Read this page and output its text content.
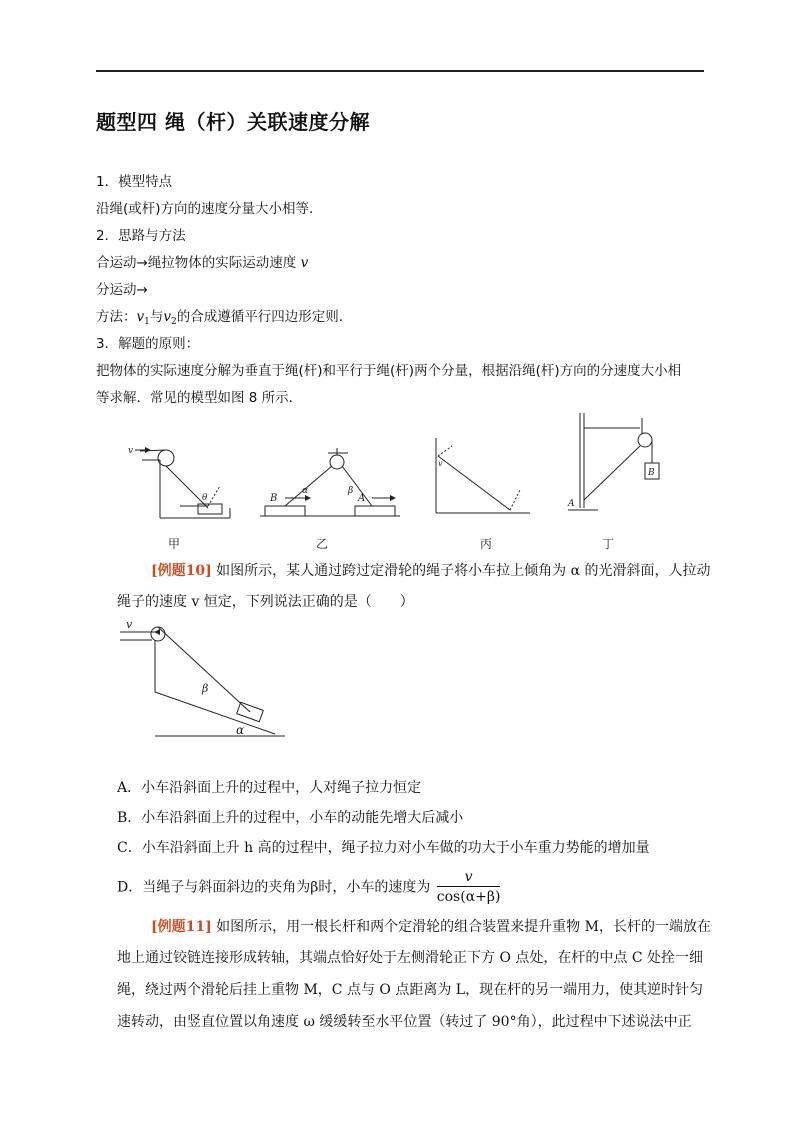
题型四 绳（杆）关联速度分解
1．模型特点
沿绳(或杆)方向的速度分量大小相等．
2．思路与方法
合运动→绳拉物体的实际运动速度 v
分运动→
方法：$v_1$与$v_2$的合成遵循平行四边形定则．
3．解题的原则：
把物体的实际速度分解为垂直于绳(杆)和平行于绳(杆)两个分量，根据沿绳(杆)方向的分速度大小相
等求解．常见的模型如图 8 所示．
v
θ
甲
B	A
α	β
乙
v
丙
B
A
丁
[例题10] 如图所示，某人通过跨过定滑轮的绳子将小车拉上倾角为 α 的光滑斜面，人拉动
绳子的速度 v 恒定，下列说法正确的是（　　）
v
β
α
A．小车沿斜面上升的过程中，人对绳子拉力恒定
B．小车沿斜面上升的过程中，小车的动能先增大后减小
C．小车沿斜面上升 h 高的过程中，绳子拉力对小车做的功大于小车重力势能的增加量
D．当绳子与斜面斜边的夹角为β时，小车的速度为 $\frac{v}{\cos(\alpha+\beta)}$
[例题11] 如图所示，用一根长杆和两个定滑轮的组合装置来提升重物 M，长杆的一端放在
地上通过铰链连接形成转轴，其端点恰好处于左侧滑轮正下方 O 点处，在杆的中点 C 处拴一细
绳，绕过两个滑轮后挂上重物 M，C 点与 O 点距离为 L，现在杆的另一端用力，使其逆时针匀
速转动，由竖直位置以角速度 ω 缓缓转至水平位置（转过了 90°角），此过程中下述说法中正
